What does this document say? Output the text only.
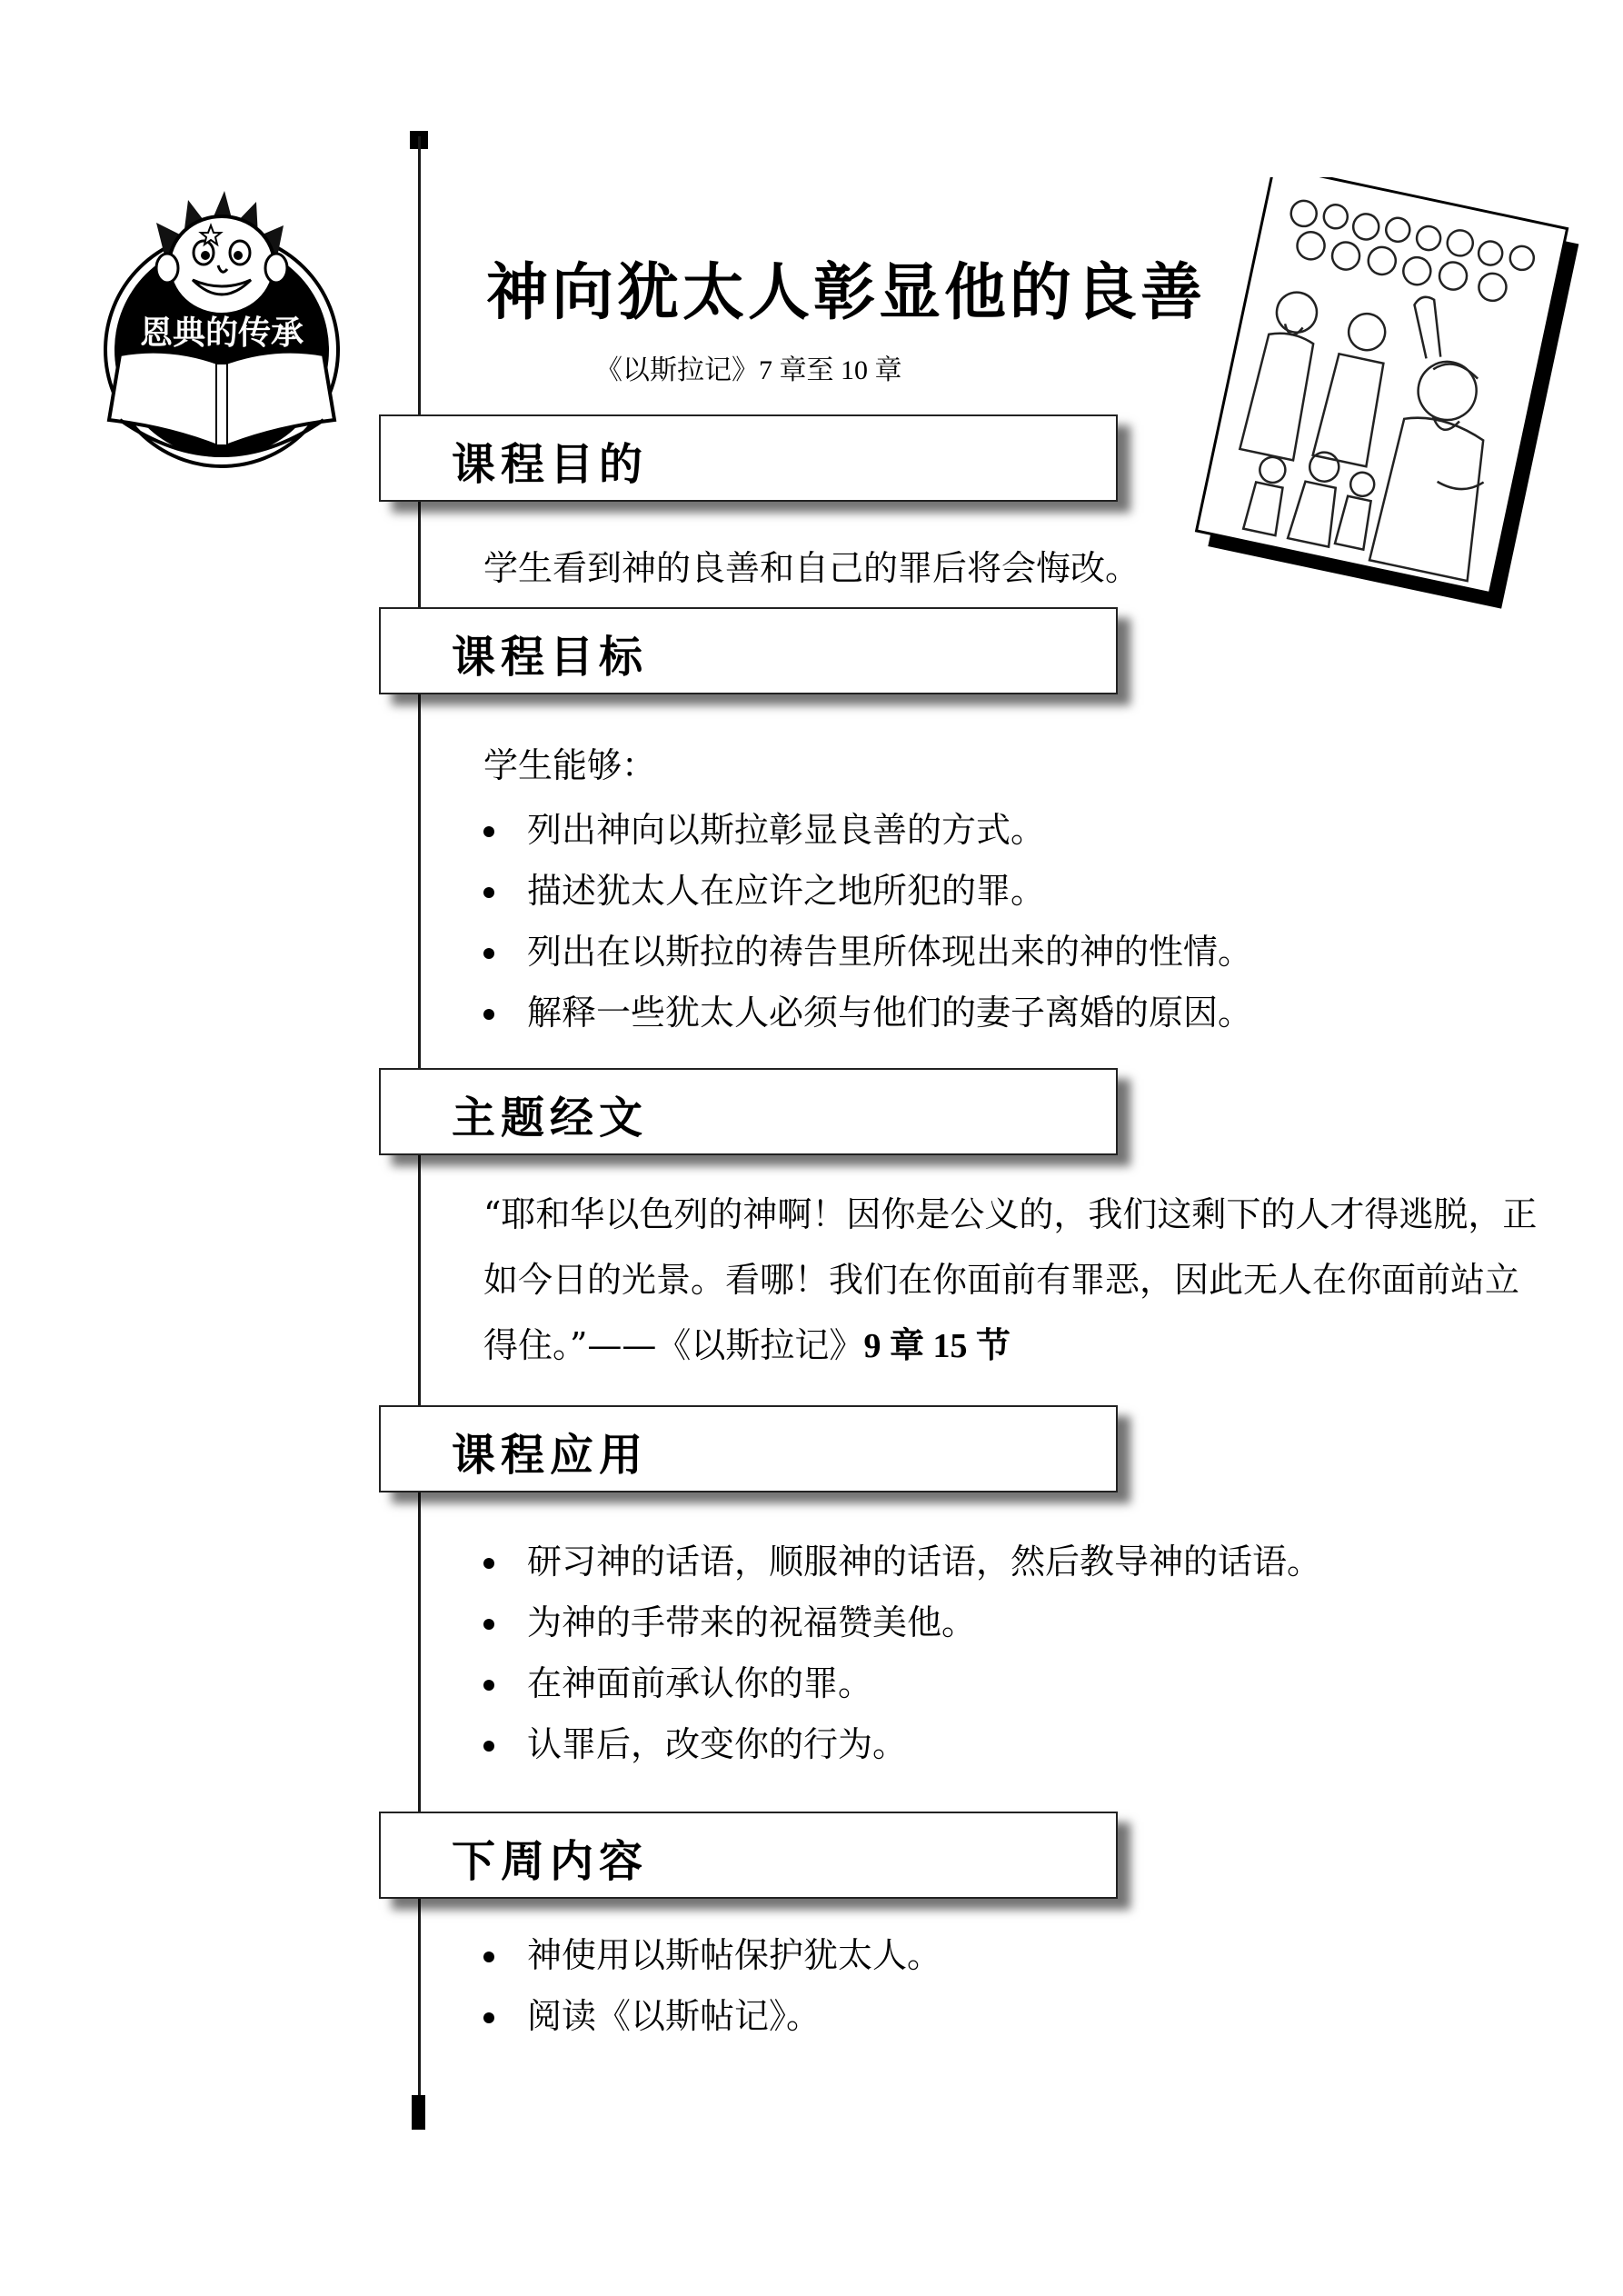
恩典的传承
神向犹太人彰显他的良善

《以斯拉记》7 章至 10 章

课程目的

学生看到神的良善和自己的罪后将会悔改。

课程目标

学生能够：

列出神向以斯拉彰显良善的方式。
描述犹太人在应许之地所犯的罪。
列出在以斯拉的祷告里所体现出来的神的性情。
解释一些犹太人必须与他们的妻子离婚的原因。
主题经文

“耶和华以色列的神啊！因你是公义的，我们这剩下的人才得逃脱，正如今日的光景。看哪！我们在你面前有罪恶，因此无人在你面前站立得住。”——《以斯拉记》9 章 15 节

课程应用
研习神的话语，顺服神的话语，然后教导神的话语。
为神的手带来的祝福赞美他。
在神面前承认你的罪。
认罪后，改变你的行为。
下周内容
神使用以斯帖保护犹太人。
阅读《以斯帖记》。
